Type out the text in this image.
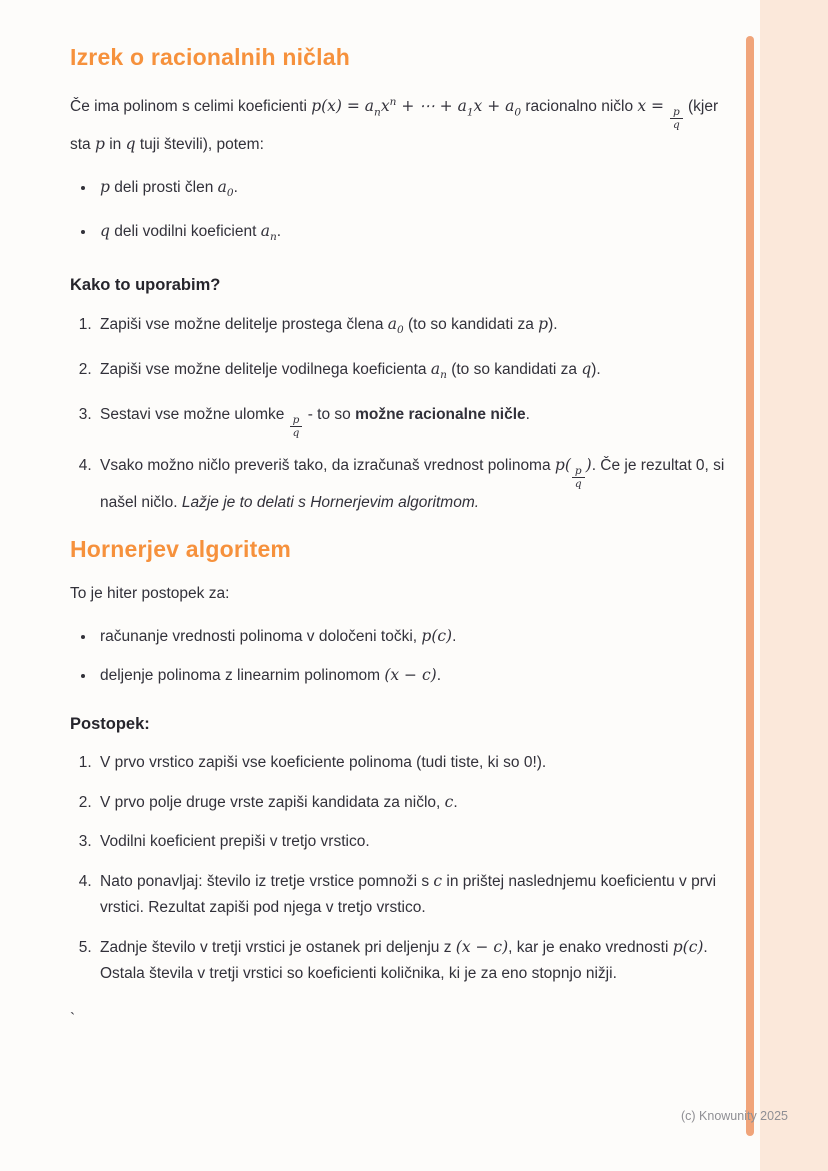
Izrek o racionalnih ničlah

Če ima polinom s celimi koeficienti $p(x) = a_nx^n$ + ⋯ + $a_1x + a_0$ racionalno ničlo x =
$\frac{p}{q}$
(kjer sta p in q tuji števili), potem:

• p deli prosti člen $a_0$.
• q deli vodilni koeficient $a_n$.
Kako to uporabim?
1. Zapiši vse možne delitelje prostega člena $a_0$ (to so kandidati za p).
2. Zapiši vse možne delitelje vodilnega koeficienta $a_n$ (to so kandidati za q).
3. Sestavi vse možne ulomke
$\frac{p}{q}$
- to so možne racionalne ničle.
4. Vsako možno ničlo preveriš tako, da izračunaš vrednost polinoma p(
$\frac{p}{q}$
). Če je rezultat 0, si našel ničlo. Lažje je to delati s Hornerjevim algoritmom.
Hornerjev algoritem

To je hiter postopek za:

• računanje vrednosti polinoma v določeni točki, p(c).
• deljenje polinoma z linearnim polinomom (x − c).
Postopek:
1. V prvo vrstico zapiši vse koeficiente polinoma (tudi tiste, ki so 0!).
2. V prvo polje druge vrste zapiši kandidata za ničlo, c.
3. Vodilni koeficient prepiši v tretjo vrstico.
4. Nato ponavljaj: število iz tretje vrstice pomnoži s c in prištej naslednjemu koeficientu v prvi vrstici. Rezultat zapiši pod njega v tretjo vrstico.
5. Zadnje število v tretji vrstici je ostanek pri deljenju z (x − c), kar je enako vrednosti p(c). Ostala števila v tretji vrstici so koeficienti količnika, ki je za eno stopnjo nižji.

`

(c) Knowunity 2025
